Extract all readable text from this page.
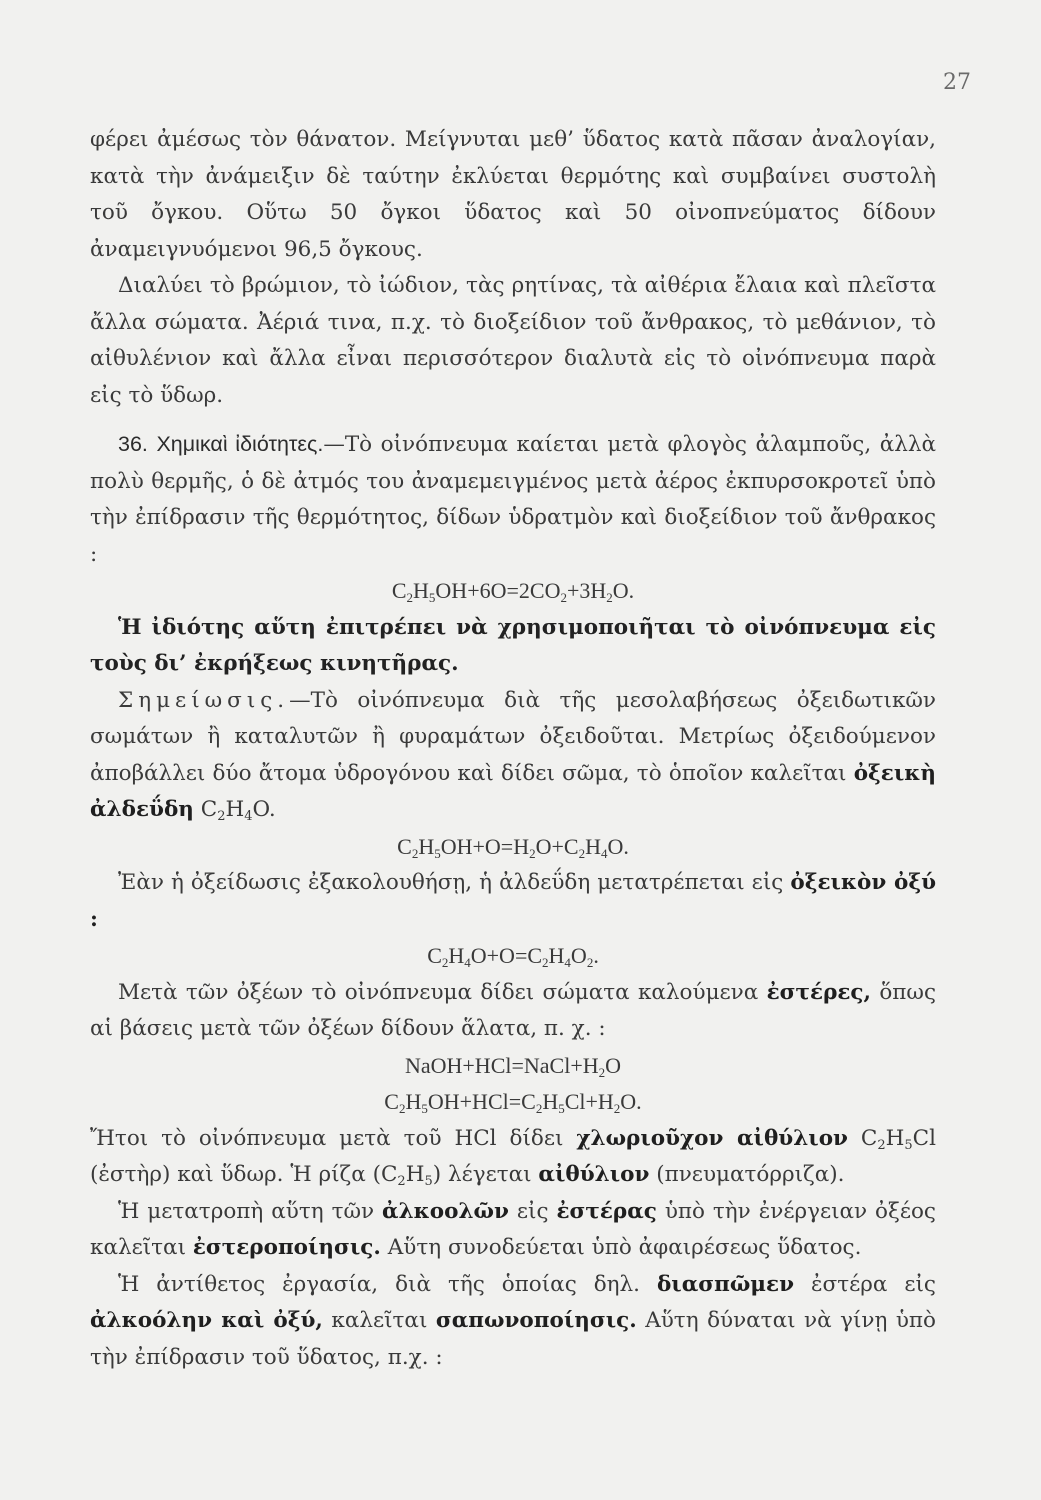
27

φέρει ἀμέσως τὸν θάνατον. Μείγνυται μεθ’ ὕδατος κατὰ πᾶσαν ἀναλογίαν, κατὰ τὴν ἀνάμειξιν δὲ ταύτην ἐκλύεται θερμότης καὶ συμβαίνει συστολὴ τοῦ ὄγκου. Οὕτω 50 ὄγκοι ὕδατος καὶ 50 οἰνοπνεύματος δίδουν ἀναμειγνυόμενοι 96,5 ὄγκους.

Διαλύει τὸ βρώμιον, τὸ ἰώδιον, τὰς ρητίνας, τὰ αἰθέρια ἔλαια καὶ πλεῖστα ἄλλα σώματα. Ἀέριά τινα, π.χ. τὸ διοξείδιον τοῦ ἄνθρακος, τὸ μεθάνιον, τὸ αἰθυλένιον καὶ ἄλλα εἶναι περισσότερον διαλυτὰ εἰς τὸ οἰνόπνευμα παρὰ εἰς τὸ ὕδωρ.

36. Χημικαὶ ἰδιότητες.—Τὸ οἰνόπνευμα καίεται μετὰ φλογὸς ἀλαμποῦς, ἀλλὰ πολὺ θερμῆς, ὁ δὲ ἀτμός του ἀναμεμειγμένος μετὰ ἀέρος ἐκπυρσοκροτεῖ ὑπὸ τὴν ἐπίδρασιν τῆς θερμότητος, δίδων ὑδρατμὸν καὶ διοξείδιον τοῦ ἄνθρακος :

$C_2H_5OH+6O=2CO_2+3H_2O$.

Ἡ ἰδιότης αὕτη ἐπιτρέπει νὰ χρησιμοποιῆται τὸ οἰνόπνευμα εἰς τοὺς δι’ ἐκρήξεως κινητῆρας.

Σημείωσις.—Τὸ οἰνόπνευμα διὰ τῆς μεσολαβήσεως ὀξειδωτικῶν σωμάτων ἢ καταλυτῶν ἢ φυραμάτων ὀξειδοῦται. Μετρίως ὀξειδούμενον ἀποβάλλει δύο ἄτομα ὑδρογόνου καὶ δίδει σῶμα, τὸ ὁποῖον καλεῖται ὀξεικὴ ἀλδεΰδη $C_2H_4O$.

$C_2H_5OH+O=H_2O+C_2H_4O$.

Ἐὰν ἡ ὀξείδωσις ἐξακολουθήσῃ, ἡ ἀλδεΰδη μετατρέπεται εἰς ὀξεικὸν ὀξύ :

$C_2H_4O+O=C_2H_4O_2$.

Μετὰ τῶν ὀξέων τὸ οἰνόπνευμα δίδει σώματα καλούμενα ἐστέρες, ὅπως αἱ βάσεις μετὰ τῶν ὀξέων δίδουν ἅλατα, π. χ. :

$NaOH+HCl=NaCl+H_2O$

$C_2H_5OH+HCl=C_2H_5Cl+H_2O$.

Ἤτοι τὸ οἰνόπνευμα μετὰ τοῦ HCl δίδει χλωριοῦχον αἰθύλιον $C_2H_5Cl$ (ἐστὴρ) καὶ ὕδωρ. Ἡ ρίζα $(C_2H_5)$ λέγεται αἰθύλιον (πνευματόρριζα).

Ἡ μετατροπὴ αὕτη τῶν ἀλκοολῶν εἰς ἐστέρας ὑπὸ τὴν ἐνέργειαν ὀξέος καλεῖται ἐστεροποίησις. Αὕτη συνοδεύεται ὑπὸ ἀφαιρέσεως ὕδατος.

Ἡ ἀντίθετος ἐργασία, διὰ τῆς ὁποίας δηλ. διασπῶμεν ἐστέρα εἰς ἀλκοόλην καὶ ὀξύ, καλεῖται σαπωνοποίησις. Αὕτη δύναται νὰ γίνῃ ὑπὸ τὴν ἐπίδρασιν τοῦ ὕδατος, π.χ. :
